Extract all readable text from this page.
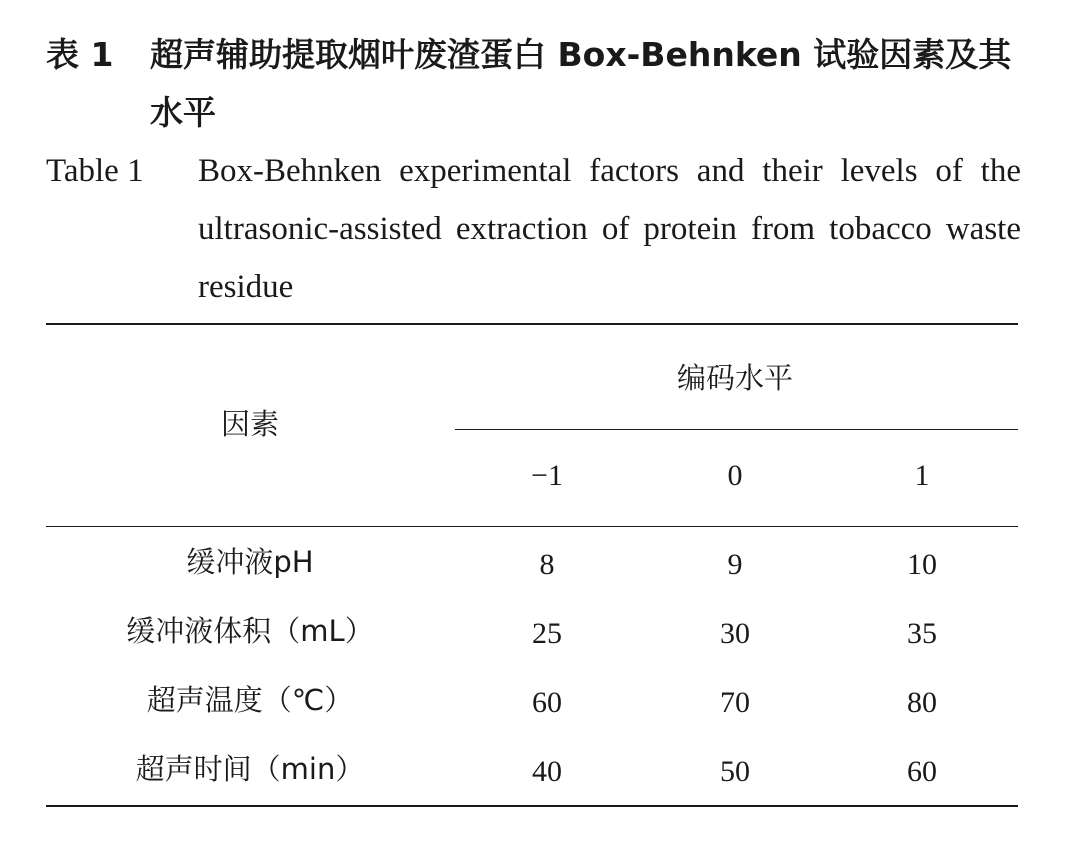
表 1 超声辅助提取烟叶废渣蛋白 Box-Behnken 试验因素及其水平
Table 1 Box-Behnken experimental factors and their levels of the ultrasonic-assisted extraction of protein from tobacco waste residue
因素
编码水平
−1	0	1
缓冲液pH	8	9	10
缓冲液体积（mL）	25	30	35
超声温度（℃）	60	70	80
超声时间（min）	40	50	60
